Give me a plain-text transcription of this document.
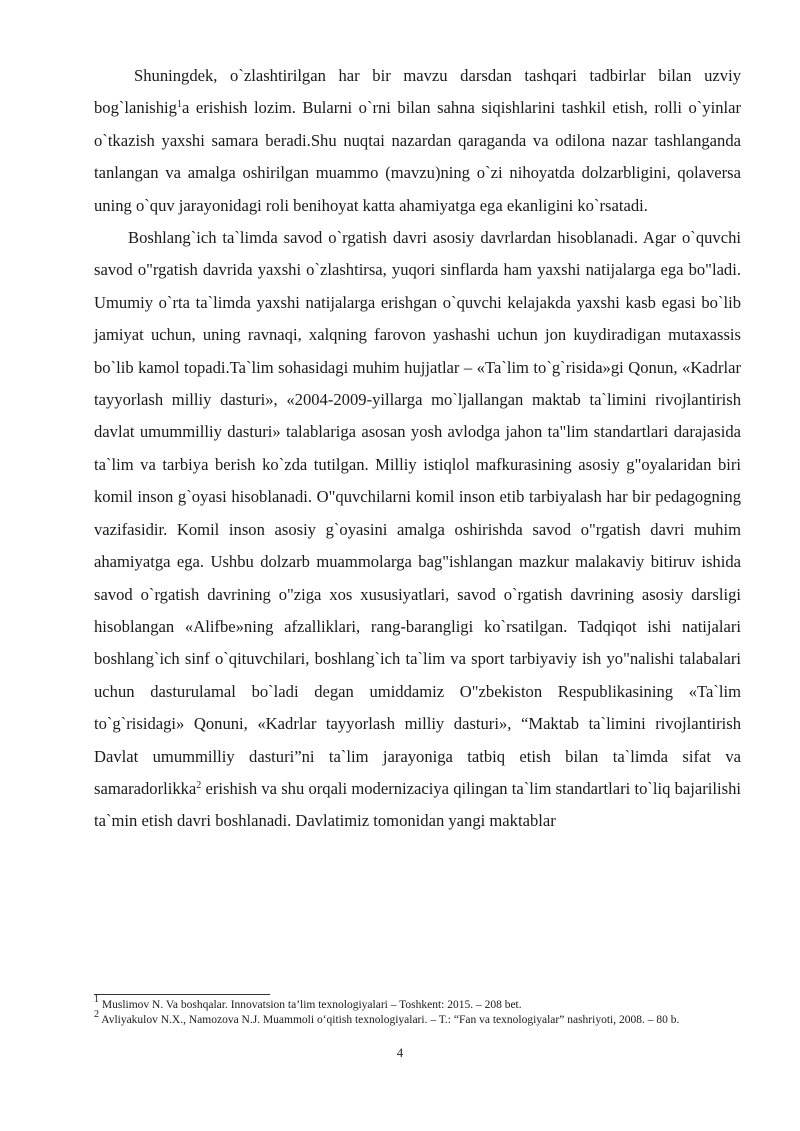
Shuningdek, o`zlashtirilgan har bir mavzu darsdan tashqari tadbirlar bilan uzviy bog`lanishig$^1$a erishish lozim. Bularni o`rni bilan sahna siqishlarini tashkil etish, rolli o`yinlar o`tkazish yaxshi samara beradi.Shu nuqtai nazardan qaraganda va odilona nazar tashlanganda tanlangan va amalga oshirilgan muammo (mavzu)ning o`zi nihoyatda dolzarbligini, qolaversa uning o`quv jarayonidagi roli benihoyat katta ahamiyatga ega ekanligini ko`rsatadi.

Boshlang`ich ta`limda savod o`rgatish davri asosiy davrlardan hisoblanadi. Agar o`quvchi savod o"rgatish davrida yaxshi o`zlashtirsa, yuqori sinflarda ham yaxshi natijalarga ega bo"ladi. Umumiy o`rta ta`limda yaxshi natijalarga erishgan o`quvchi kelajakda yaxshi kasb egasi bo`lib jamiyat uchun, uning ravnaqi, xalqning farovon yashashi uchun jon kuydiradigan mutaxassis bo`lib kamol topadi.Ta`lim sohasidagi muhim hujjatlar – «Ta`lim to`g`risida»gi Qonun, «Kadrlar tayyorlash milliy dasturi», «2004-2009-yillarga mo`ljallangan maktab ta`limini rivojlantirish davlat umummilliy dasturi» talablariga asosan yosh avlodga jahon ta"lim standartlari darajasida ta`lim va tarbiya berish ko`zda tutilgan. Milliy istiqlol mafkurasining asosiy g"oyalaridan biri komil inson g`oyasi hisoblanadi. O"quvchilarni komil inson etib tarbiyalash har bir pedagogning vazifasidir. Komil inson asosiy g`oyasini amalga oshirishda savod o"rgatish davri muhim ahamiyatga ega. Ushbu dolzarb muammolarga bag"ishlangan mazkur malakaviy bitiruv ishida savod o`rgatish davrining o"ziga xos xususiyatlari, savod o`rgatish davrining asosiy darsligi hisoblangan «Alifbe»ning afzalliklari, rang-barangligi ko`rsatilgan. Tadqiqot ishi natijalari boshlang`ich sinf o`qituvchilari, boshlang`ich ta`lim va sport tarbiyaviy ish yo"nalishi talabalari uchun dasturulamal bo`ladi degan umiddamiz O"zbekiston Respublikasining «Ta`lim to`g`risidagi» Qonuni, «Kadrlar tayyorlash milliy dasturi», “Maktab ta`limini rivojlantirish Davlat umummilliy dasturi”ni ta`lim jarayoniga tatbiq etish bilan ta`limda sifat va samaradorlikka$^2$ erishish va shu orqali modernizaciya qilingan ta`lim standartlari to`liq bajarilishi ta`min etish davri boshlanadi. Davlatimiz tomonidan yangi maktablar

$^1$ Muslimov N. Va boshqalar. Innovatsion ta’lim texnologiyalari – Toshkent: 2015. – 208 bet.

$^2$ Avliyakulov N.X., Namozova N.J. Muammoli o‘qitish texnologiyalari. – T.: “Fan va texnologiyalar” nashriyoti, 2008. – 80 b.

4
